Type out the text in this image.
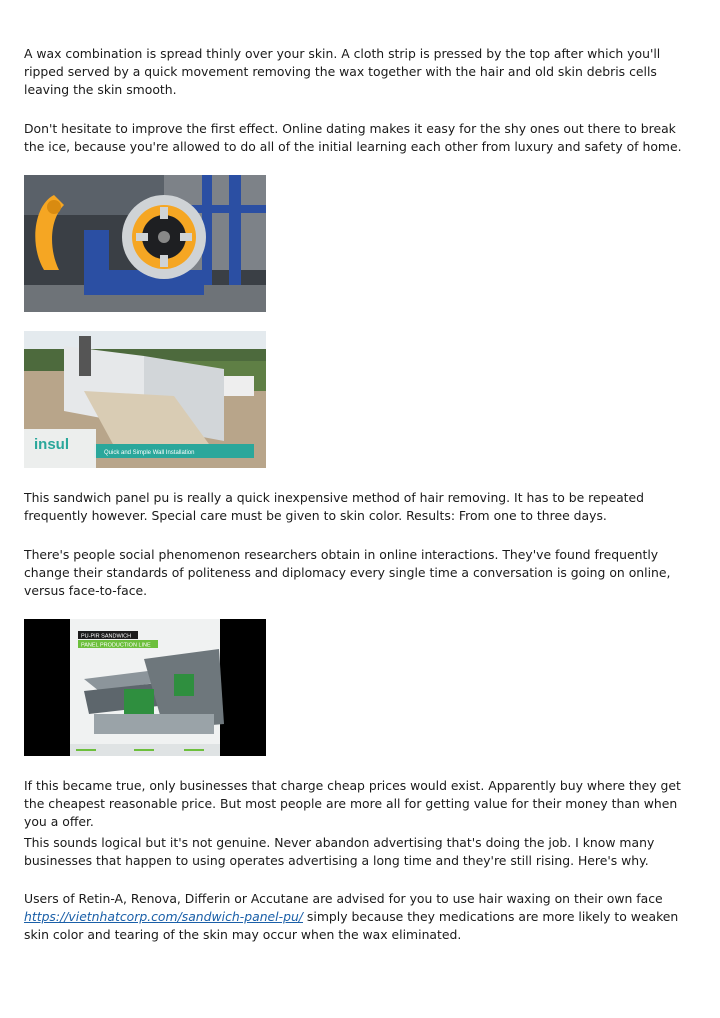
A wax combination is spread thinly over your skin. A cloth strip is pressed by the top after which you'll ripped served by a quick movement removing the wax together with the hair and old skin debris cells leaving the skin smooth.

Don't hesitate to improve the first effect. Online dating makes it easy for the shy ones out there to break the ice, because you're allowed to do all of the initial learning each other from luxury and safety of home.

insul	Quick and Simple Wall Installation

This sandwich panel pu is really a quick inexpensive method of hair removing. It has to be repeated frequently however. Special care must be given to skin color. Results: From one to three days.

There's people social phenomenon researchers obtain in online interactions. They've found frequently change their standards of politeness and diplomacy every single time a conversation is going on online, versus face-to-face.

PU-PIR SANDWICH
PANEL PRODUCTION LINE

If this became true, only businesses that charge cheap prices would exist. Apparently buy where they get the cheapest reasonable price. But most people are more all for getting value for their money than when you a offer.

This sounds logical but it's not genuine. Never abandon advertising that's doing the job. I know many businesses that happen to using operates advertising a long time and they're still rising. Here's why.

Users of Retin-A, Renova, Differin or Accutane are advised for you to use hair waxing on their own face https://vietnhatcorp.com/sandwich-panel-pu/ simply because they medications are more likely to weaken skin color and tearing of the skin may occur when the wax eliminated.
